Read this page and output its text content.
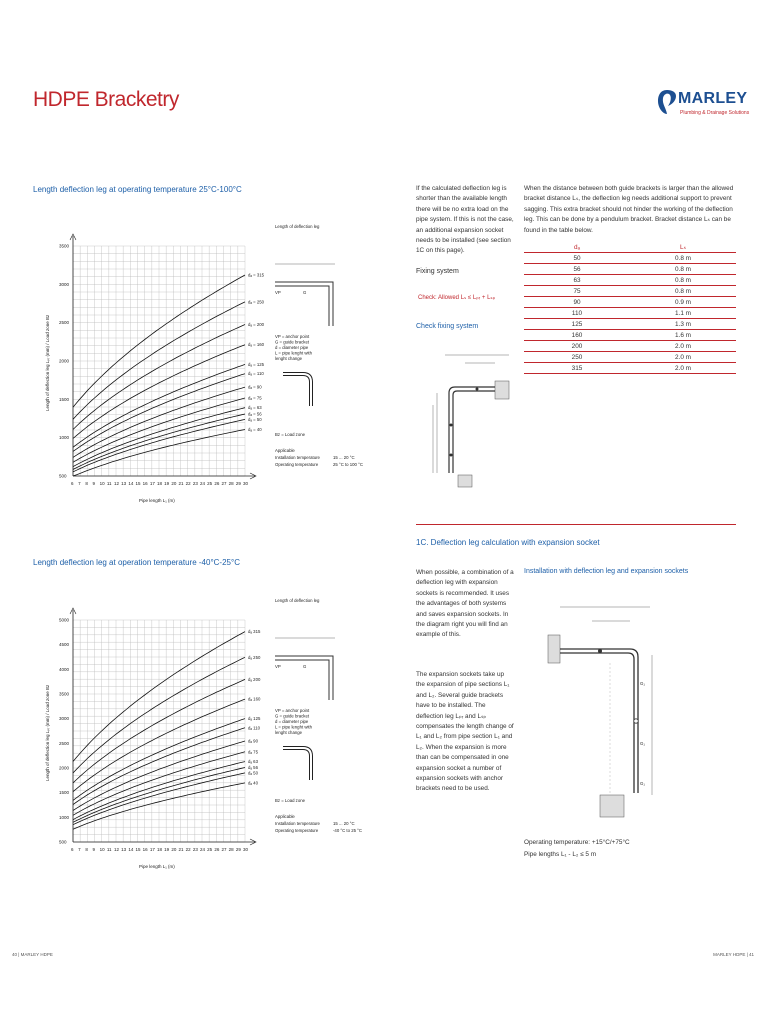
HDPE Bracketry	MARLEY
Plumbing & Drainage Solutions
Length deflection leg at operating temperature 25°C-100°C
500
1000
1500
2000
2500
3000
3500
6 7 8 9 10 11 12 13 14 15 16 17 18 19 20 21 22 23 24 25 26 27 28 29 30
Pipe length L₁ (m)
Length of deflection leg Lₚᵣ (mm) / Load zone Bz
dₐ = 315
dₐ = 250
dₐ = 200
dₐ = 160
dₐ = 125
dₐ = 110
dₐ = 90
dₐ = 75
dₐ = 63
dₐ = 56
dₐ = 50
dₐ = 40
Length of deflection leg
VP	G
VP = anchor point
G = guide bracket
d = diameter pipe
L = pipe lenght with
lenght change
Bz = Load zone
Applicable
Installation temperature	15 ... 20 °C
Operating temperature	25 °C to 100 °C
Length deflection leg at operation temperature -40°C-25°C
500
1000
1500
2000
2500
3000
3500
4000
4500
5000
6 7 8 9 10 11 12 13 14 15 16 17 18 19 20 21 22 23 24 25 26 27 28 29 30
Pipe length L₁ (m)
Length of deflection leg Lₚᵣ (mm) / Load zone Bz
dₐ 315
dₐ 250
dₐ 200
dₐ 160
dₐ 125
dₐ 110
dₐ 90
dₐ 75
dₐ 63
dₐ 56
dₐ 50
dₐ 40
Length of deflection leg
VP	G
VP = anchor point
G = guide bracket
d = diameter pipe
L = pipe lenght with
lenght change
Bz = Load zone
Applicable
Installation temperature	15 ... 20 °C
Operating temperature	-40 °C to 25 °C
If the calculated deflection leg is shorter than the available length there will be no extra load on the pipe system. If this is not the case, an additional expansion socket needs to be installed (see section 1C on this page).
Fixing system
Check: Allowed Lₛ ≤ Lₚᵣ + Lₛₚ
Check fixing system
When the distance between both guide brackets is larger than the allowed bracket distance Lₛ, the deflection leg needs additional support to prevent sagging. This extra bracket should not hinder the working of the deflection leg. This can be done by a pendulum bracket. Bracket distance Lₛ can be found in the table below.
dₐ	Lₛ
50	0.8 m
56	0.8 m
63	0.8 m
75	0.8 m
90	0.9 m
110	1.1 m
125	1.3 m
160	1.6 m
200	2.0 m
250	2.0 m
315	2.0 m
1C. Deflection leg calculation with expansion socket
When possible, a combination of a deflection leg with expansion sockets is recommended. It uses the advantages of both systems and saves expansion sockets. In the diagram right you will find an example of this.
The expansion sockets take up the expansion of pipe sections L₁ and L₂. Several guide brackets have to be installed. The deflection leg Lₚᵣ and Lₛₚ compensates the length change of L₁ and L₂ from pipe section L₁ and L₂. When the expansion is more than can be compensated in one expansion socket a number of expansion sockets with anchor brackets need to be used.
Installation with deflection leg and expansion sockets
G₁
G₁
G₁
Operating temperature: +15°C/+75°C
Pipe lengths L₁ - L₂ ≤ 5 m
40 | MARLEY HDPE	MARLEY HDPE | 41
